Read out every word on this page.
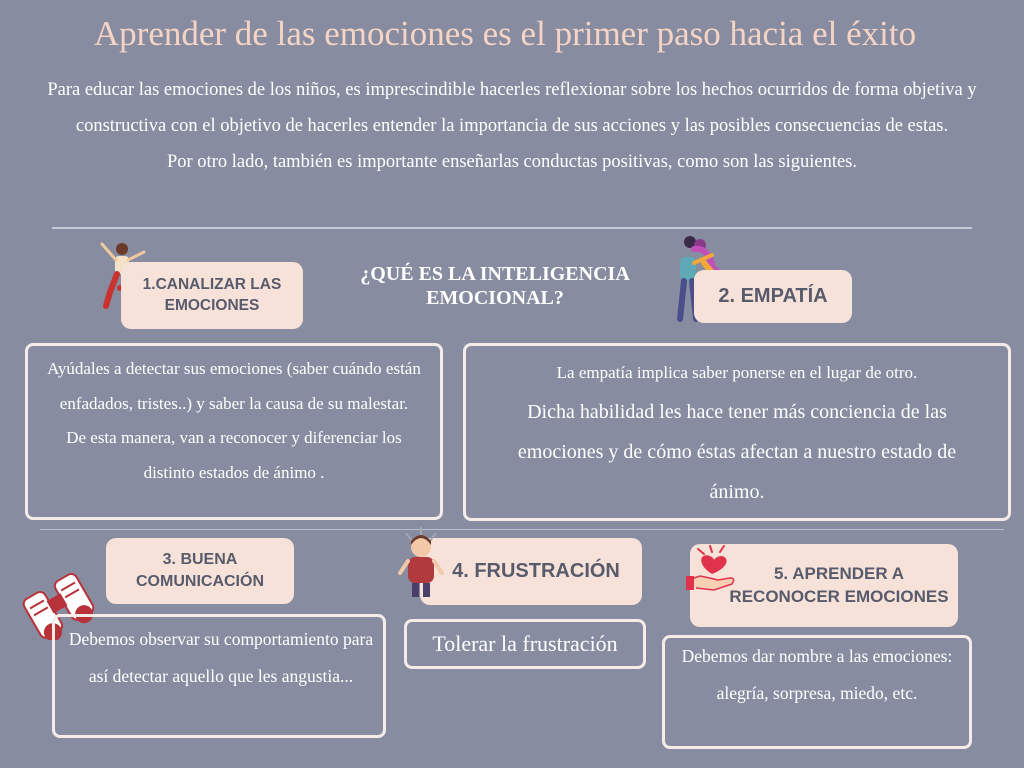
Aprender de las emociones es el primer paso hacia el éxito

Para educar las emociones de los niños, es imprescindible hacerles reflexionar sobre los hechos ocurridos de forma objetiva y constructiva con el objetivo de hacerles entender la importancia de sus acciones y las posibles consecuencias de estas.

Por otro lado, también es importante enseñarlas conductas positivas, como son las siguientes.

¿QUÉ ES LA INTELIGENCIA
EMOCIONAL?
1.CANALIZAR LAS
EMOCIONES

Ayúdales a detectar sus emociones (saber cuándo están enfadados, tristes..) y saber la causa de su malestar.

De esta manera, van a reconocer y diferenciar los distinto estados de ánimo .

2. EMPATÍA

La empatía implica saber ponerse en el lugar de otro.

Dicha habilidad les hace tener más conciencia de las emociones y de cómo éstas afectan a nuestro estado de ánimo.

3. BUENA
COMUNICACIÓN

Debemos observar su comportamiento para así detectar aquello que les angustia...

4. FRUSTRACIÓN

Tolerar la frustración

5. APRENDER A
RECONOCER EMOCIONES

Debemos dar nombre a las emociones: alegría, sorpresa, miedo, etc.
